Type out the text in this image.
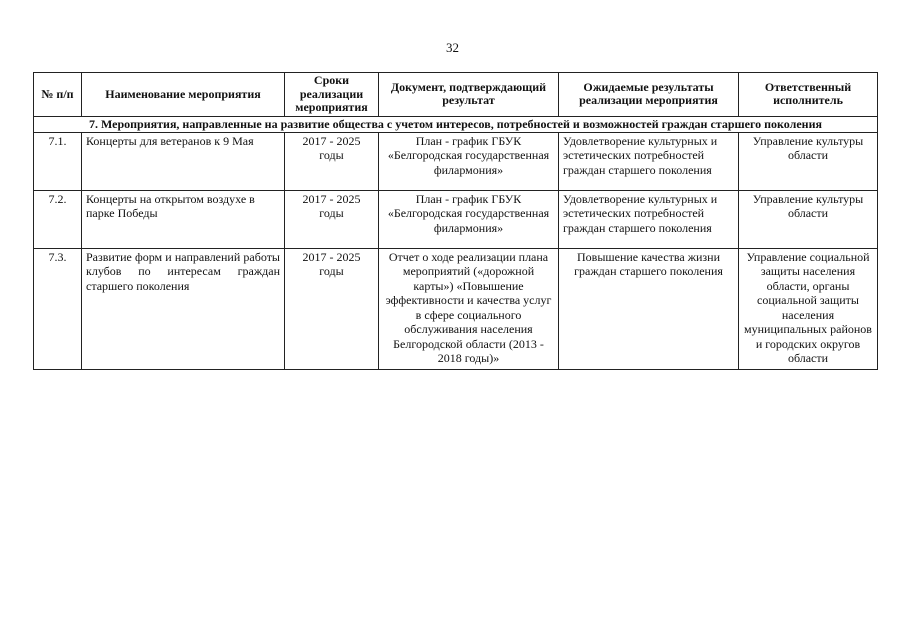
32
№ п/п	Наименование мероприятия	Сроки реализации мероприятия	Документ, подтверждающий результат	Ожидаемые результаты реализации мероприятия	Ответственный исполнитель
7. Мероприятия, направленные на развитие общества с учетом интересов, потребностей и возможностей граждан старшего поколения					
7.1.	Концерты для ветеранов к 9 Мая	2017 - 2025 годы	План - график ГБУК «Белгородская государственная филармония»	Удовлетворение культурных и эстетических потребностей граждан старшего поколения	Управление культуры области
7.2.	Концерты на открытом воздухе в парке Победы	2017 - 2025 годы	План - график ГБУК «Белгородская государственная филармония»	Удовлетворение культурных и эстетических потребностей граждан старшего поколения	Управление культуры области
7.3.	Развитие форм и направлений работы клубов по интересам граждан старшего поколения	2017 - 2025 годы	Отчет о ходе реализации плана мероприятий («дорожной карты») «Повышение эффективности и качества услуг в сфере социального обслуживания населения Белгородской области (2013 - 2018 годы)»	Повышение качества жизни граждан старшего поколения	Управление социальной защиты населения области, органы социальной защиты населения муниципальных районов и городских округов области
